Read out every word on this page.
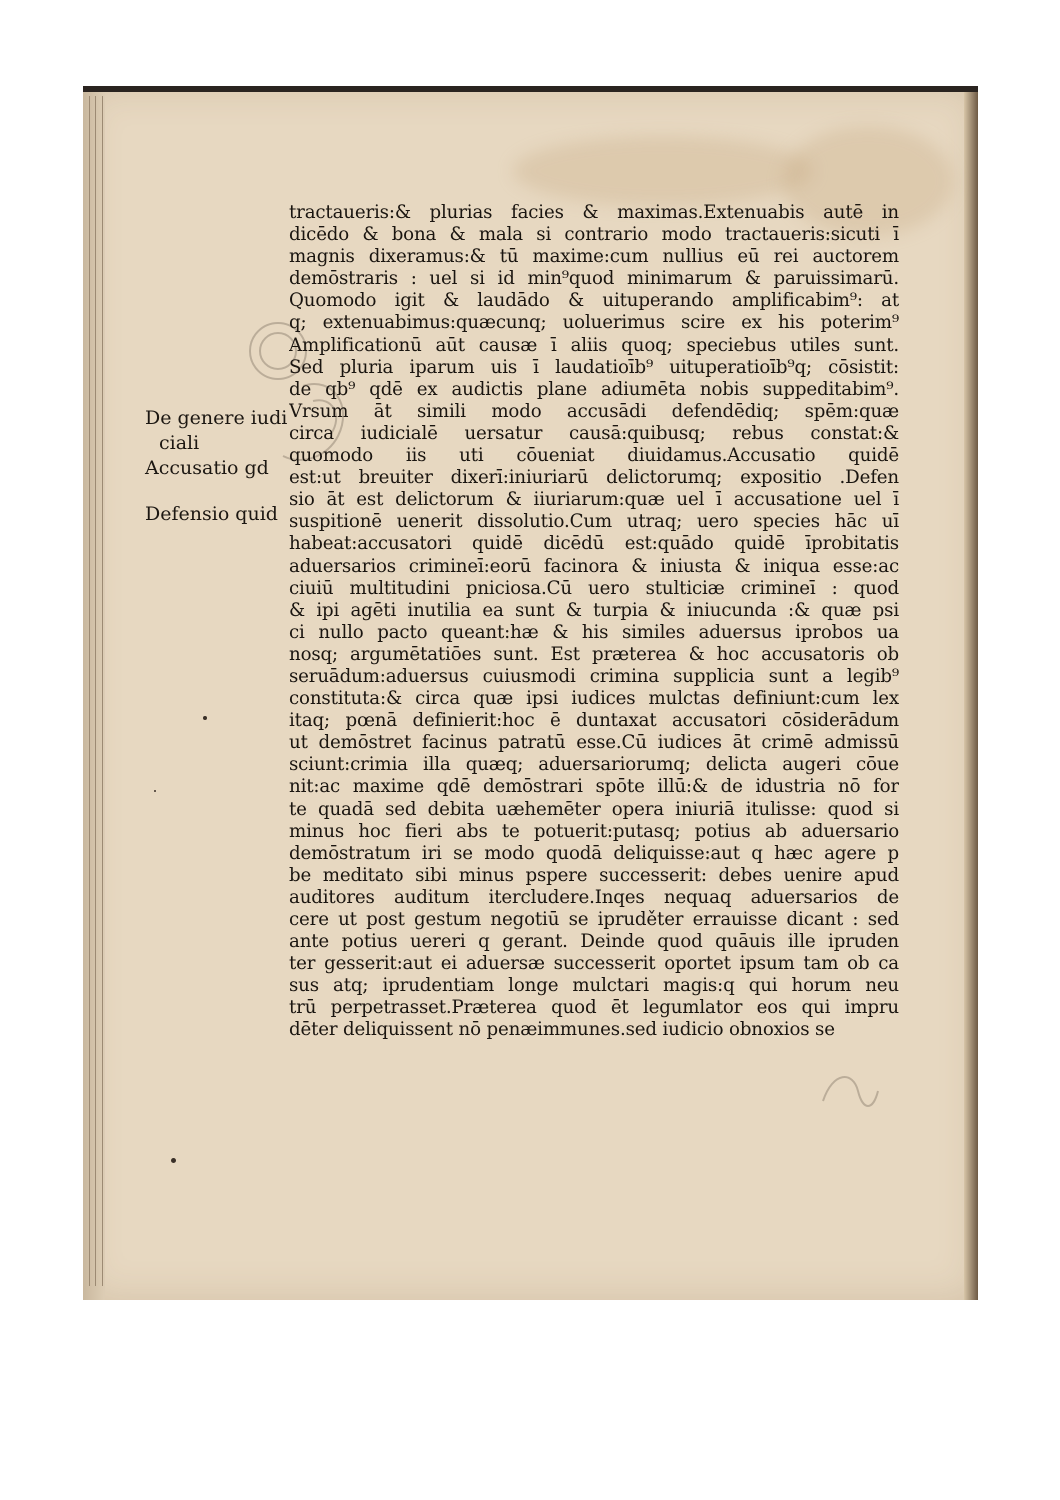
De genere iudi
ciali
Accusatio gd
Defensio quid
tractaueris:& plurias facies & maximas.Extenuabis autē in
dicēdo & bona & mala si contrario modo tractaueris:sicuti ī
magnis dixeramus:& tū maxime:cum nullius eū rei auctorem
demōstraris : uel si id min⁹quod minimarum & paruissimarū.
Quomodo igit & laudādo & uituperando amplificabim⁹: at
q; extenuabimus:quæcunq; uoluerimus scire ex his poterim⁹
Amplificationū aūt causæ ī aliis quoq; speciebus utiles sunt.
Sed pluria iparum uis ī laudatioīb⁹ uituperatioīb⁹q; cōsistit:
de qb⁹ qdē ex audictis plane adiumēta nobis suppeditabim⁹.
Vrsum āt simili modo accusādi defendēdiq; spēm:quæ
circa iudicialē uersatur causā:quibusq; rebus constat:&
quomodo iis uti cōueniat diuidamus.Accusatio quidē
est:ut breuiter dixerī:iniuriarū delictorumq; expositio .Defen
sio āt est delictorum & iiuriarum:quæ uel ī accusatione uel ī
suspitionē uenerit dissolutio.Cum utraq; uero species hāc uī
habeat:accusatori quidē dicēdū est:quādo quidē īprobitatis
aduersarios crimineī:eorū facinora & iniusta & iniqua esse:ac
ciuiū multitudini pniciosa.Cū uero stulticiæ crimineī : quod
& ipi agēti inutilia ea sunt & turpia & iniucunda :& quæ psi
ci nullo pacto queant:hæ & his similes aduersus iprobos ua
nosq; argumētatiōes sunt. Est præterea & hoc accusatoris ob
seruādum:aduersus cuiusmodi crimina supplicia sunt a legib⁹
constituta:& circa quæ ipsi iudices mulctas definiunt:cum lex
itaq; pœnā definierit:hoc ē duntaxat accusatori cōsiderādum
ut demōstret facinus patratū esse.Cū iudices āt crimē admissū
sciunt:crimia illa quæq; aduersariorumq; delicta augeri cōue
nit:ac maxime qdē demōstrari spōte illū:& de idustria nō for
te quadā sed debita uæhemēter opera iniuriā itulisse: quod si
minus hoc fieri abs te potuerit:putasq; potius ab aduersario
demōstratum iri se modo quodā deliquisse:aut q hæc agere p
be meditato sibi minus pspere successerit: debes uenire apud
auditores auditum itercludere.Inqes nequaq aduersarios de
cere ut post gestum negotiū se ipruděter errauisse dicant : sed
ante potius uereri q gerant. Deinde quod quāuis ille ipruden
ter gesserit:aut ei aduersæ successerit oportet ipsum tam ob ca
sus atq; iprudentiam longe mulctari magis:q qui horum neu
trū perpetrasset.Præterea quod ēt legumlator eos qui impru
dēter deliquissent nō penæimmunes.sed iudicio obnoxios se
